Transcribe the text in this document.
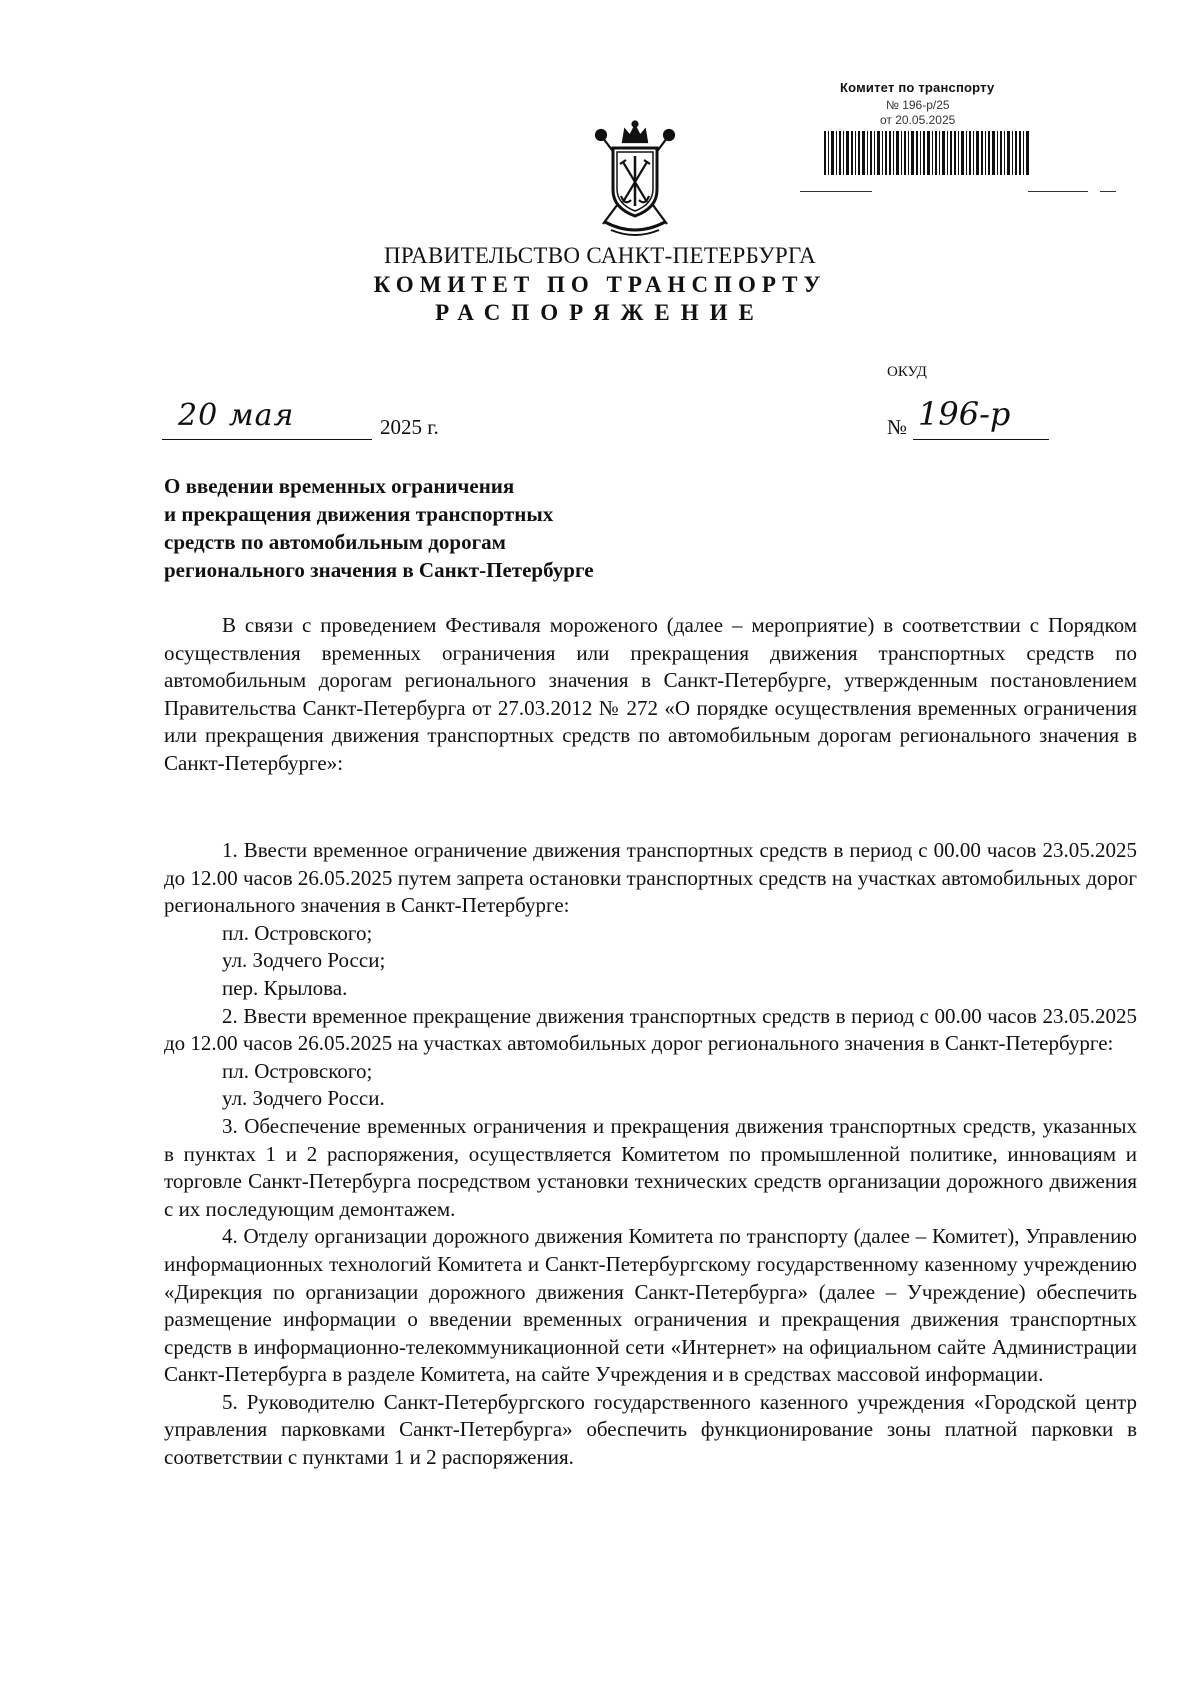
Комитет по транспорту
№ 196-р/25
от 20.05.2025
ПРАВИТЕЛЬСТВО САНКТ-ПЕТЕРБУРГА
КОМИТЕТ ПО ТРАНСПОРТУ
РАСПОРЯЖЕНИЕ
ОКУД
20 мая	2025 г.	№ 196-р
О введении временных ограничения
и прекращения движения транспортных
средств по автомобильным дорогам
регионального значения в Санкт-Петербурге

В связи с проведением Фестиваля мороженого (далее – мероприятие) в соответствии с Порядком осуществления временных ограничения или прекращения движения транспортных средств по автомобильным дорогам регионального значения в Санкт-Петербурге, утвержденным постановлением Правительства Санкт-Петербурга от 27.03.2012 № 272 «О порядке осуществления временных ограничения или прекращения движения транспортных средств по автомобильным дорогам регионального значения в Санкт-Петербурге»:

1. Ввести временное ограничение движения транспортных средств в период с 00.00 часов 23.05.2025 до 12.00 часов 26.05.2025 путем запрета остановки транспортных средств на участках автомобильных дорог регионального значения в Санкт-Петербурге:

пл. Островского;

ул. Зодчего Росси;

пер. Крылова.

2. Ввести временное прекращение движения транспортных средств в период с 00.00 часов 23.05.2025 до 12.00 часов 26.05.2025 на участках автомобильных дорог регионального значения в Санкт-Петербурге:

пл. Островского;

ул. Зодчего Росси.

3. Обеспечение временных ограничения и прекращения движения транспортных средств, указанных в пунктах 1 и 2 распоряжения, осуществляется Комитетом по промышленной политике, инновациям и торговле Санкт-Петербурга посредством установки технических средств организации дорожного движения с их последующим демонтажем.

4. Отделу организации дорожного движения Комитета по транспорту (далее – Комитет), Управлению информационных технологий Комитета и Санкт-Петербургскому государственному казенному учреждению «Дирекция по организации дорожного движения Санкт-Петербурга» (далее – Учреждение) обеспечить размещение информации о введении временных ограничения и прекращения движения транспортных средств в информационно-телекоммуникационной сети «Интернет» на официальном сайте Администрации Санкт-Петербурга в разделе Комитета, на сайте Учреждения и в средствах массовой информации.

5. Руководителю Санкт-Петербургского государственного казенного учреждения «Городской центр управления парковками Санкт-Петербурга» обеспечить функционирование зоны платной парковки в соответствии с пунктами 1 и 2 распоряжения.
